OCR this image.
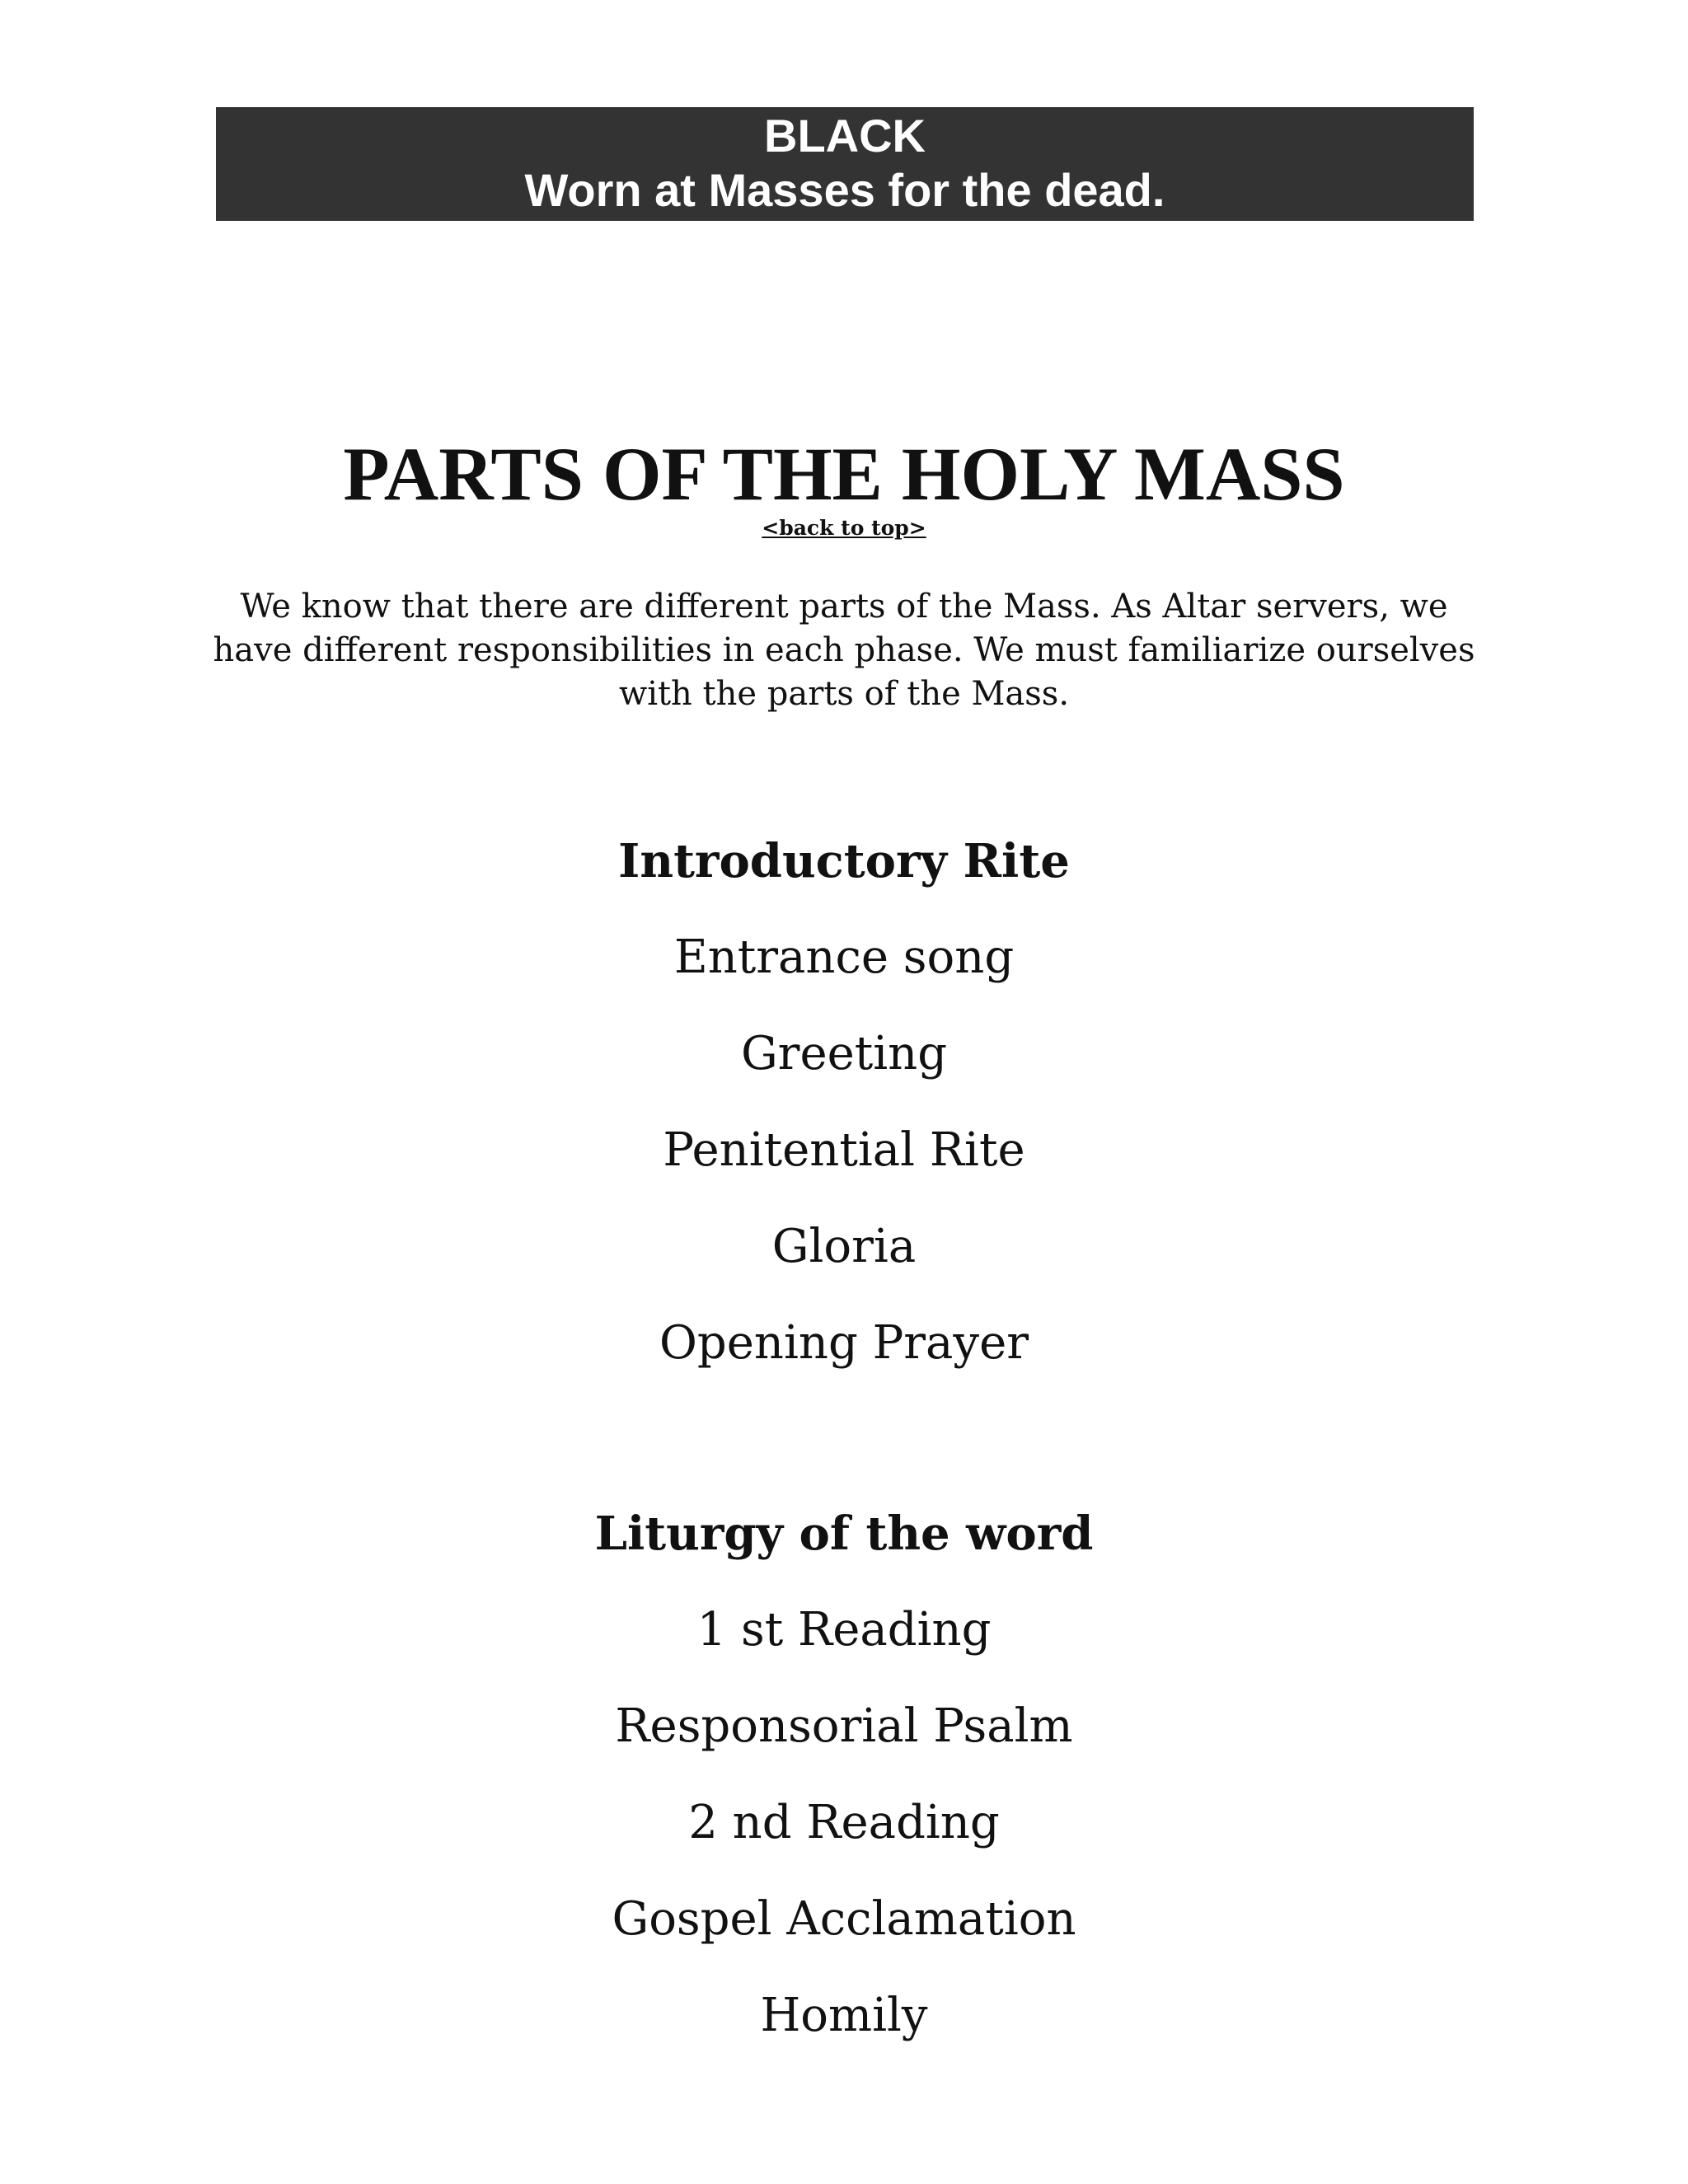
BLACK
Worn at Masses for the dead.
PARTS OF THE HOLY MASS
<back to top>

We know that there are different parts of the Mass. As Altar servers, we have different responsibilities in each phase. We must familiarize ourselves with the parts of the Mass.

Introductory Rite

Entrance song

Greeting

Penitential Rite

Gloria

Opening Prayer

Liturgy of the word

1 st Reading

Responsorial Psalm

2 nd Reading

Gospel Acclamation

Homily
